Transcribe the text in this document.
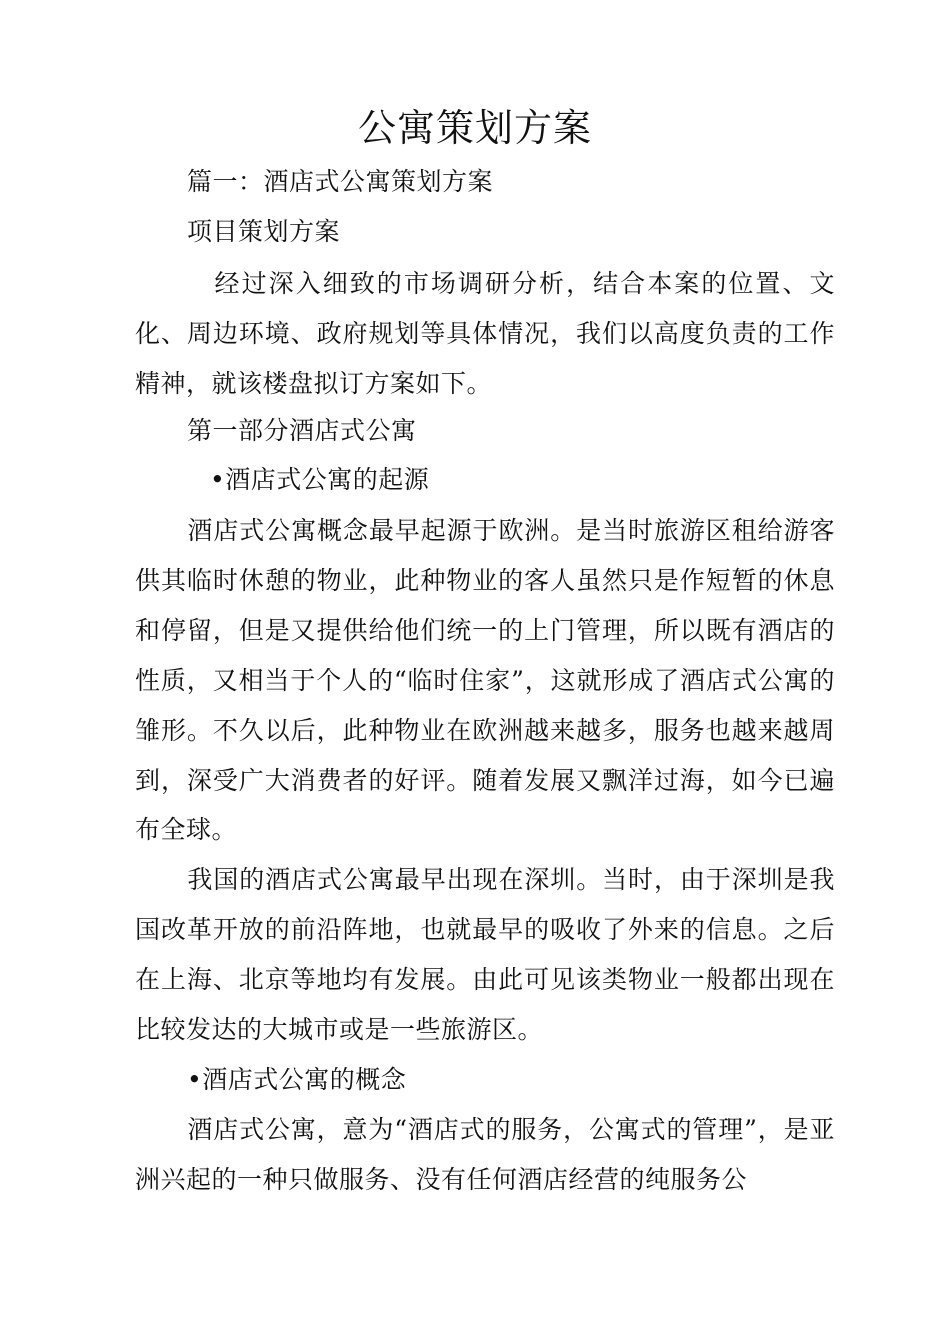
公寓策划方案
篇一：酒店式公寓策划方案
项目策划方案
经过深入细致的市场调研分析，结合本案的位置、文化、周边环境、政府规划等具体情况，我们以高度负责的工作精神，就该楼盘拟订方案如下。
第一部分酒店式公寓
•酒店式公寓的起源
酒店式公寓概念最早起源于欧洲。是当时旅游区租给游客供其临时休憩的物业，此种物业的客人虽然只是作短暂的休息和停留，但是又提供给他们统一的上门管理，所以既有酒店的性质，又相当于个人的“临时住家”，这就形成了酒店式公寓的雏形。不久以后，此种物业在欧洲越来越多，服务也越来越周到，深受广大消费者的好评。随着发展又飘洋过海，如今已遍布全球。
我国的酒店式公寓最早出现在深圳。当时，由于深圳是我国改革开放的前沿阵地，也就最早的吸收了外来的信息。之后在上海、北京等地均有发展。由此可见该类物业一般都出现在比较发达的大城市或是一些旅游区。
•酒店式公寓的概念
酒店式公寓，意为“酒店式的服务，公寓式的管理”，是亚洲兴起的一种只做服务、没有任何酒店经营的纯服务公
